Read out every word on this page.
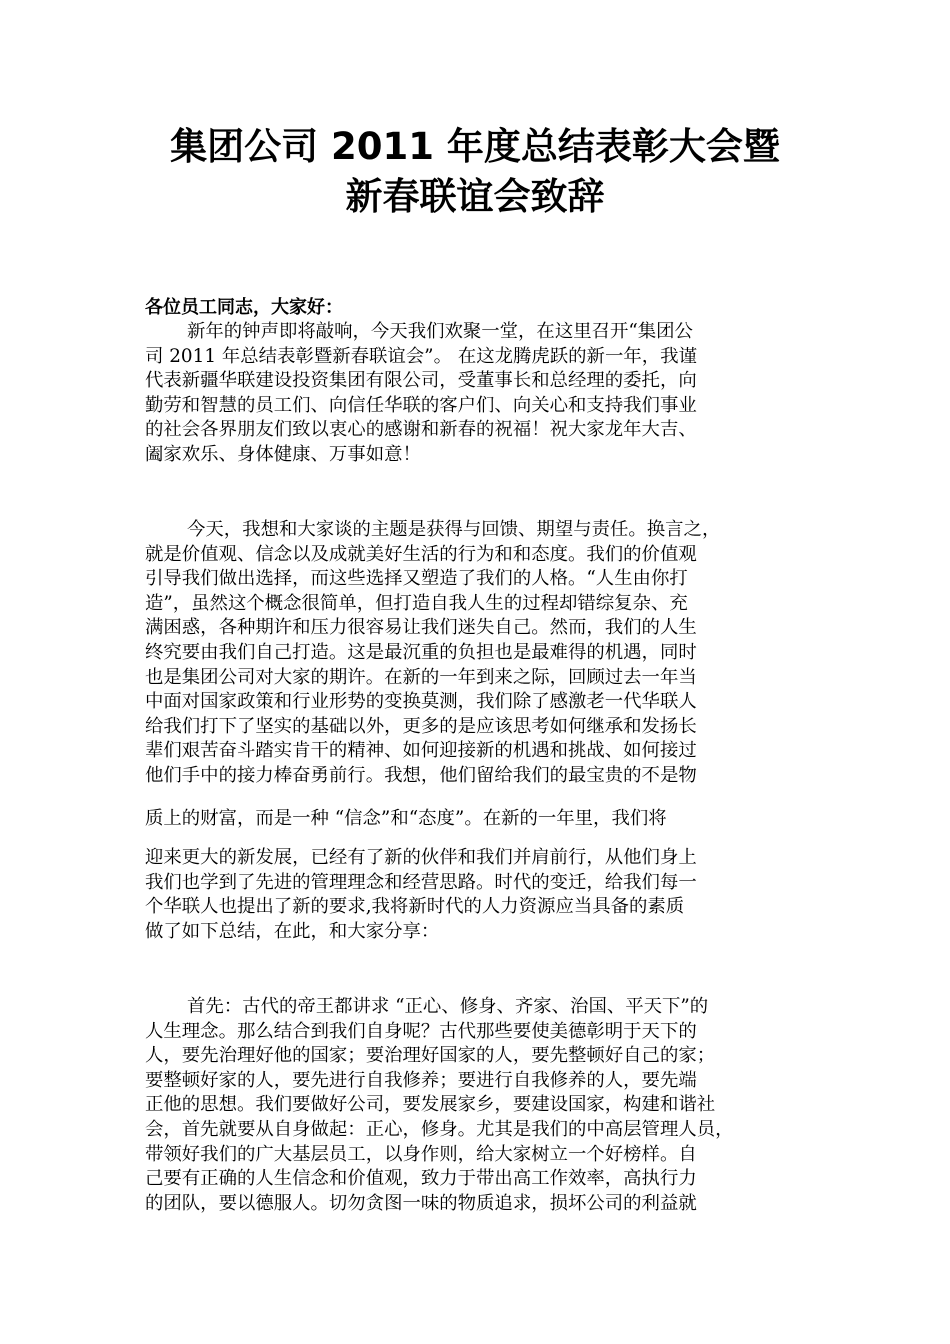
集团公司 2011 年度总结表彰大会暨
新春联谊会致辞
各位员工同志，大家好：
新年的钟声即将敲响，今天我们欢聚一堂，在这里召开“集团公
司 2011 年总结表彰暨新春联谊会”。 在这龙腾虎跃的新一年，我谨
代表新疆华联建设投资集团有限公司，受董事长和总经理的委托，向
勤劳和智慧的员工们、向信任华联的客户们、向关心和支持我们事业
的社会各界朋友们致以衷心的感谢和新春的祝福！祝大家龙年大吉、
阖家欢乐、身体健康、万事如意！
今天，我想和大家谈的主题是获得与回馈、期望与责任。换言之，
就是价值观、信念以及成就美好生活的行为和和态度。我们的价值观
引导我们做出选择，而这些选择又塑造了我们的人格。“人生由你打
造”，虽然这个概念很简单，但打造自我人生的过程却错综复杂、充
满困惑，各种期许和压力很容易让我们迷失自己。然而，我们的人生
终究要由我们自己打造。这是最沉重的负担也是最难得的机遇，同时
也是集团公司对大家的期许。在新的一年到来之际，回顾过去一年当
中面对国家政策和行业形势的变换莫测，我们除了感激老一代华联人
给我们打下了坚实的基础以外，更多的是应该思考如何继承和发扬长
辈们艰苦奋斗踏实肯干的精神、如何迎接新的机遇和挑战、如何接过
他们手中的接力棒奋勇前行。我想，他们留给我们的最宝贵的不是物
质上的财富，而是一种 “信念”和“态度”。在新的一年里，我们将
迎来更大的新发展，已经有了新的伙伴和我们并肩前行，从他们身上
我们也学到了先进的管理理念和经营思路。时代的变迁，给我们每一
个华联人也提出了新的要求,我将新时代的人力资源应当具备的素质
做了如下总结，在此，和大家分享：
首先：古代的帝王都讲求 “正心、修身、齐家、治国、平天下”的
人生理念。那么结合到我们自身呢？古代那些要使美德彰明于天下的
人，要先治理好他的国家；要治理好国家的人，要先整顿好自己的家；
要整顿好家的人，要先进行自我修养；要进行自我修养的人，要先端
正他的思想。我们要做好公司，要发展家乡，要建设国家，构建和谐社
会，首先就要从自身做起：正心，修身。尤其是我们的中高层管理人员，
带领好我们的广大基层员工，以身作则，给大家树立一个好榜样。自
己要有正确的人生信念和价值观，致力于带出高工作效率，高执行力
的团队，要以德服人。切勿贪图一味的物质追求，损坏公司的利益就
